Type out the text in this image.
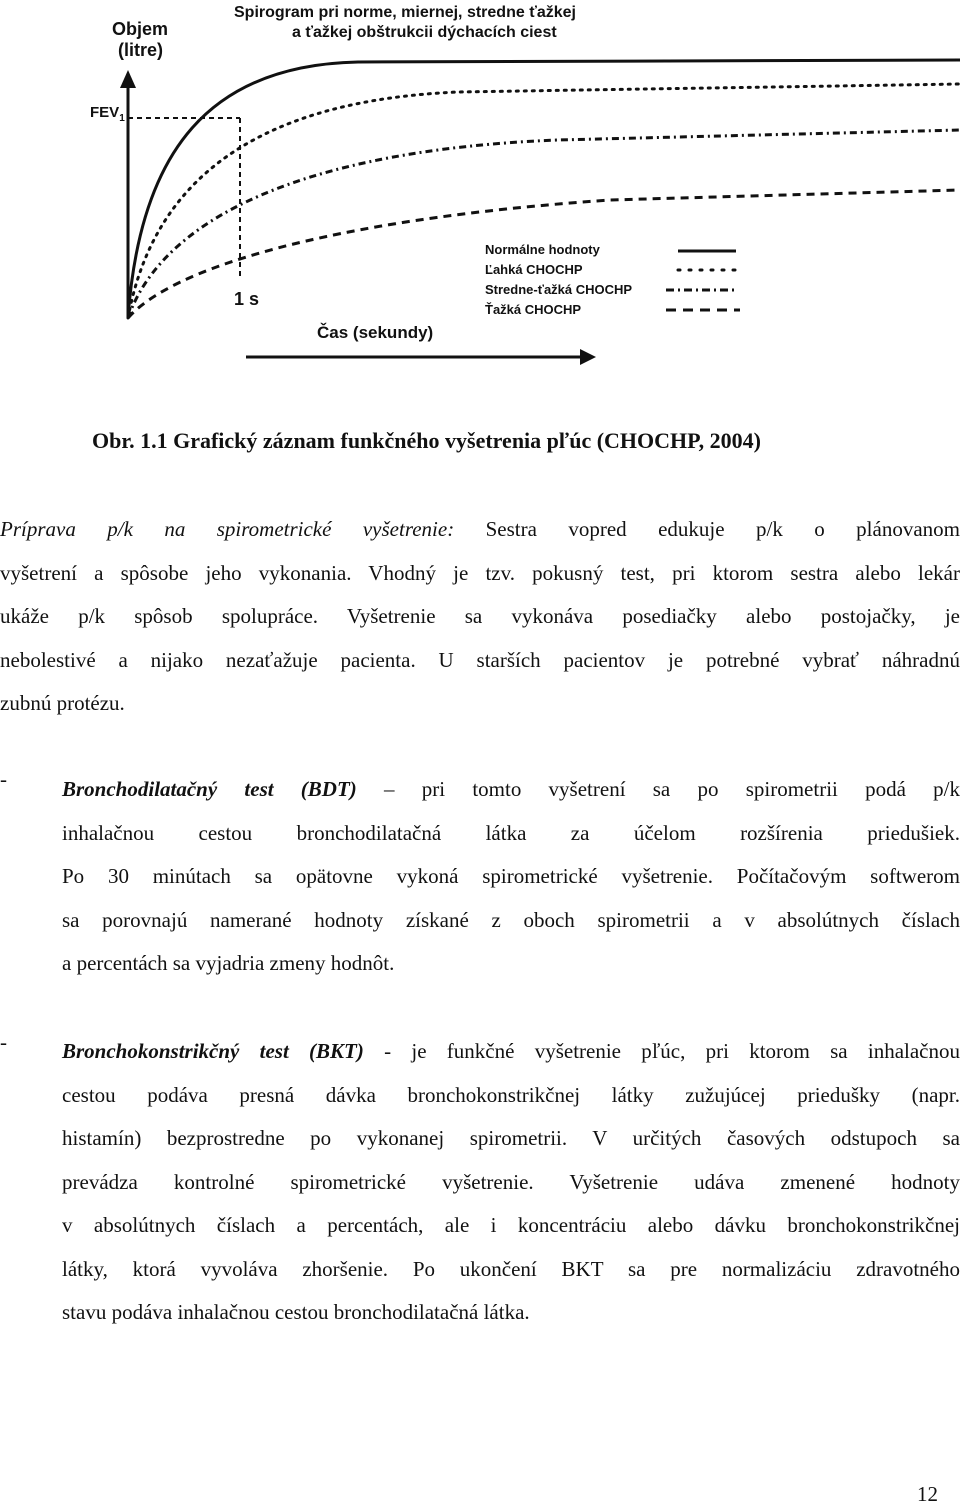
Spirogram pri norme, miernej, stredne ťažkej
a ťažkej obštrukcii dýchacích ciest
Objem
(litre)
$FEV_1$
1 s
Čas (sekundy)
Normálne hodnoty
Ľahká CHOCHP
Stredne-ťažká CHOCHP
Ťažká CHOCHP
Obr. 1.1 Grafický záznam funkčného vyšetrenia pľúc (CHOCHP, 2004)
Príprava p/k na spirometrické vyšetrenie: Sestra vopred edukuje p/k o plánovanom
vyšetrení a spôsobe jeho vykonania. Vhodný je tzv. pokusný test, pri ktorom sestra alebo lekár
ukáže p/k spôsob spolupráce. Vyšetrenie sa vykonáva posediačky alebo postojačky, je
nebolestivé a nijako nezaťažuje pacienta. U starších pacientov je potrebné vybrať náhradnú
zubnú protézu.
-	Bronchodilatačný test (BDT) – pri tomto vyšetrení sa po spirometrii podá p/k
inhalačnou cestou bronchodilatačná látka za účelom rozšírenia priedušiek.
Po 30 minútach sa opätovne vykoná spirometrické vyšetrenie. Počítačovým softwerom
sa porovnajú namerané hodnoty získané z oboch spirometrii a v absolútnych číslach
a percentách sa vyjadria zmeny hodnôt.
-	Bronchokonstrikčný test (BKT) - je funkčné vyšetrenie pľúc, pri ktorom sa inhalačnou
cestou podáva presná dávka bronchokonstrikčnej látky zužujúcej priedušky (napr.
histamín) bezprostredne po vykonanej spirometrii. V určitých časových odstupoch sa
prevádza kontrolné spirometrické vyšetrenie. Vyšetrenie udáva zmenené hodnoty
v absolútnych číslach a percentách, ale i koncentráciu alebo dávku bronchokonstrikčnej
látky, ktorá vyvoláva zhoršenie. Po ukončení BKT sa pre normalizáciu zdravotného
stavu podáva inhalačnou cestou bronchodilatačná látka.
12
